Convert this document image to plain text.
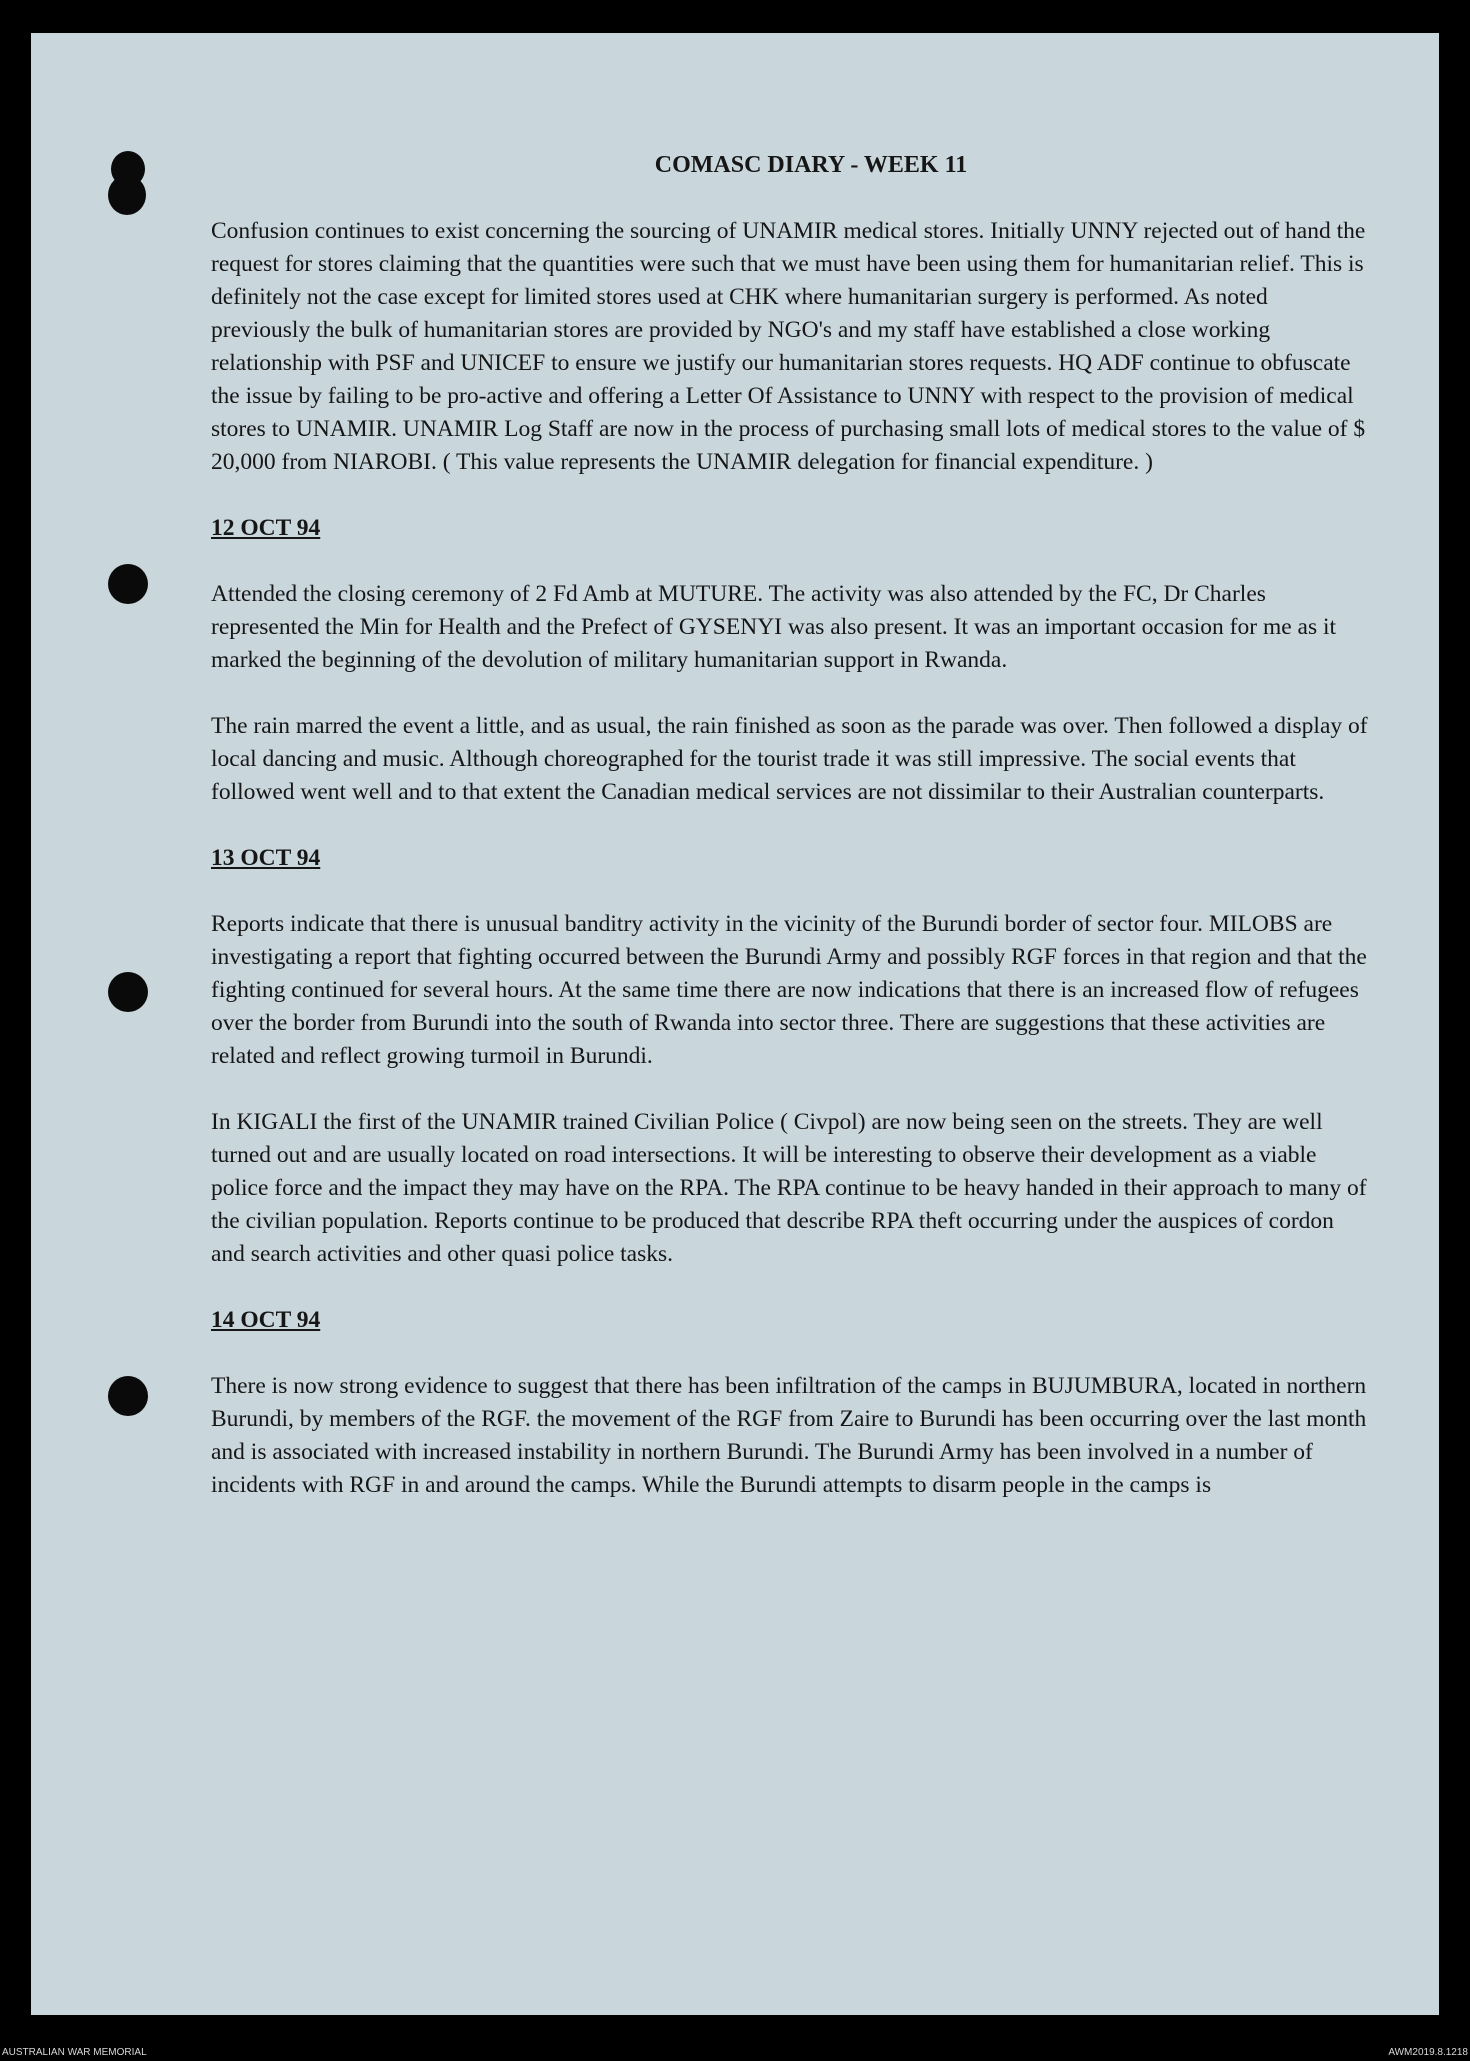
COMASC DIARY - WEEK 11
Confusion continues to exist concerning the sourcing of UNAMIR medical stores. Initially UNNY rejected out of hand the request for stores claiming that the quantities were such that we must have been using them for humanitarian relief. This is definitely not the case except for limited stores used at CHK where humanitarian surgery is performed. As noted previously the bulk of humanitarian stores are provided by NGO's and my staff have established a close working relationship with PSF and UNICEF to ensure we justify our humanitarian stores requests. HQ ADF continue to obfuscate the issue by failing to be pro-active and offering a Letter Of Assistance to UNNY with respect to the provision of medical stores to UNAMIR. UNAMIR Log Staff are now in the process of purchasing small lots of medical stores to the value of $ 20,000 from NIAROBI. ( This value represents the UNAMIR delegation for financial expenditure. )
12 OCT 94
Attended the closing ceremony of 2 Fd Amb at MUTURE. The activity was also attended by the FC, Dr Charles represented the Min for Health and the Prefect of GYSENYI was also present. It was an important occasion for me as it marked the beginning of the devolution of military humanitarian support in Rwanda.
The rain marred the event a little, and as usual, the rain finished as soon as the parade was over. Then followed a display of local dancing and music. Although choreographed for the tourist trade it was still impressive. The social events that followed went well and to that extent the Canadian medical services are not dissimilar to their Australian counterparts.
13 OCT 94
Reports indicate that there is unusual banditry activity in the vicinity of the Burundi border of sector four. MILOBS are investigating a report that fighting occurred between the Burundi Army and possibly RGF forces in that region and that the fighting continued for several hours. At the same time there are now indications that there is an increased flow of refugees over the border from Burundi into the south of Rwanda into sector three. There are suggestions that these activities are related and reflect growing turmoil in Burundi.
In KIGALI the first of the UNAMIR trained Civilian Police ( Civpol) are now being seen on the streets. They are well turned out and are usually located on road intersections. It will be interesting to observe their development as a viable police force and the impact they may have on the RPA. The RPA continue to be heavy handed in their approach to many of the civilian population. Reports continue to be produced that describe RPA theft occurring under the auspices of cordon and search activities and other quasi police tasks.
14 OCT 94
There is now strong evidence to suggest that there has been infiltration of the camps in BUJUMBURA, located in northern Burundi, by members of the RGF. the movement of the RGF from Zaire to Burundi has been occurring over the last month and is associated with increased instability in northern Burundi. The Burundi Army has been involved in a number of incidents with RGF in and around the camps. While the Burundi attempts to disarm people in the camps is
AUSTRALIAN WAR MEMORIAL	AWM2019.8.1218
